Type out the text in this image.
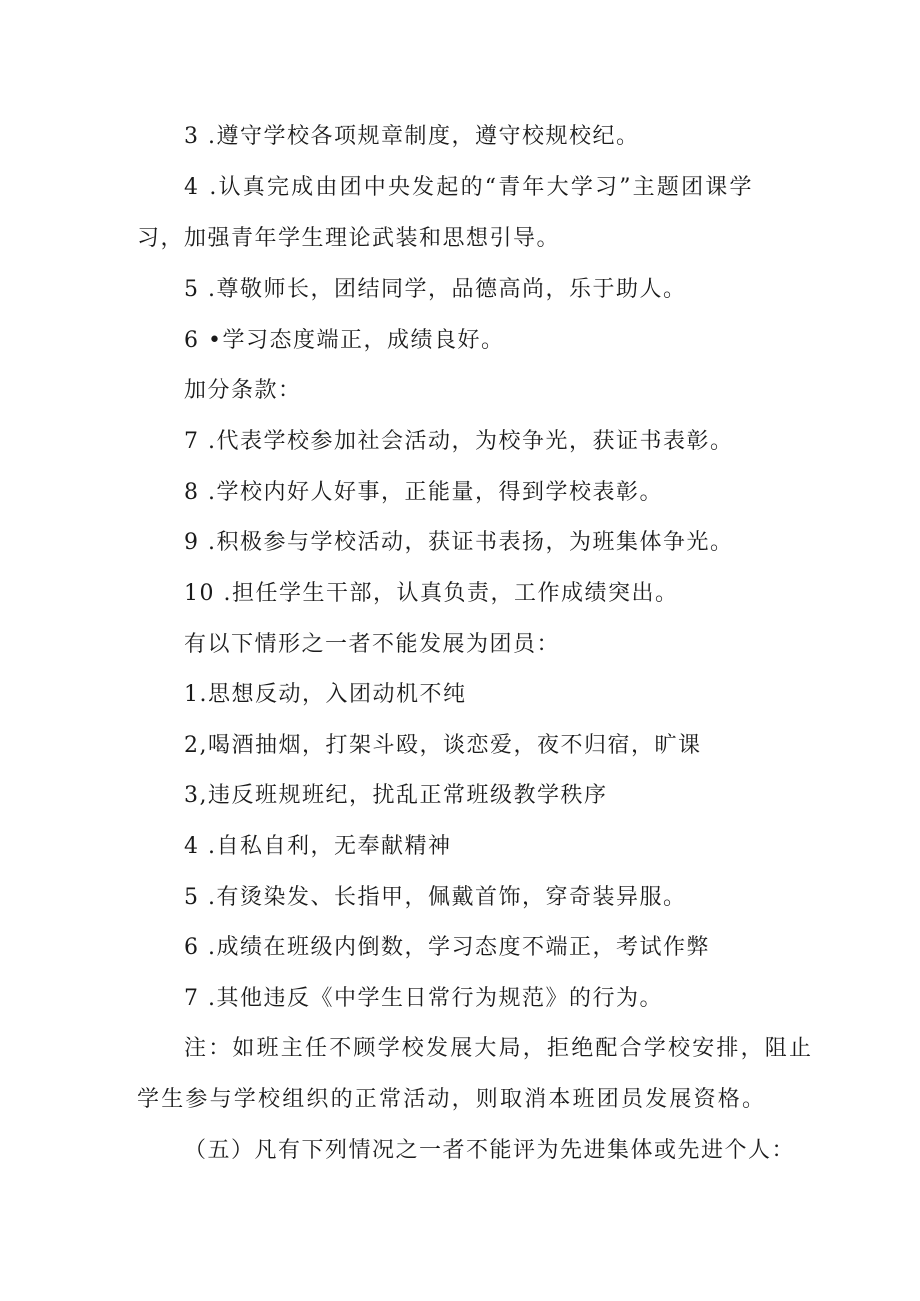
3 .遵守学校各项规章制度，遵守校规校纪。
4 .认真完成由团中央发起的“青年大学习”主题团课学
习，加强青年学生理论武装和思想引导。
5 .尊敬师长，团结同学，品德高尚，乐于助人。
6 •学习态度端正，成绩良好。
加分条款：
7 .代表学校参加社会活动，为校争光，获证书表彰。
8 .学校内好人好事，正能量，得到学校表彰。
9 .积极参与学校活动，获证书表扬，为班集体争光。
10 .担任学生干部，认真负责，工作成绩突出。
有以下情形之一者不能发展为团员：
1.思想反动，入团动机不纯
2,喝酒抽烟，打架斗殴，谈恋爱，夜不归宿，旷课
3,违反班规班纪，扰乱正常班级教学秩序
4 .自私自利，无奉献精神
5 .有烫染发、长指甲，佩戴首饰，穿奇装异服。
6 .成绩在班级内倒数，学习态度不端正，考试作弊
7 .其他违反《中学生日常行为规范》的行为。
注：如班主任不顾学校发展大局，拒绝配合学校安排，阻止
学生参与学校组织的正常活动，则取消本班团员发展资格。
（五）凡有下列情况之一者不能评为先进集体或先进个人：
